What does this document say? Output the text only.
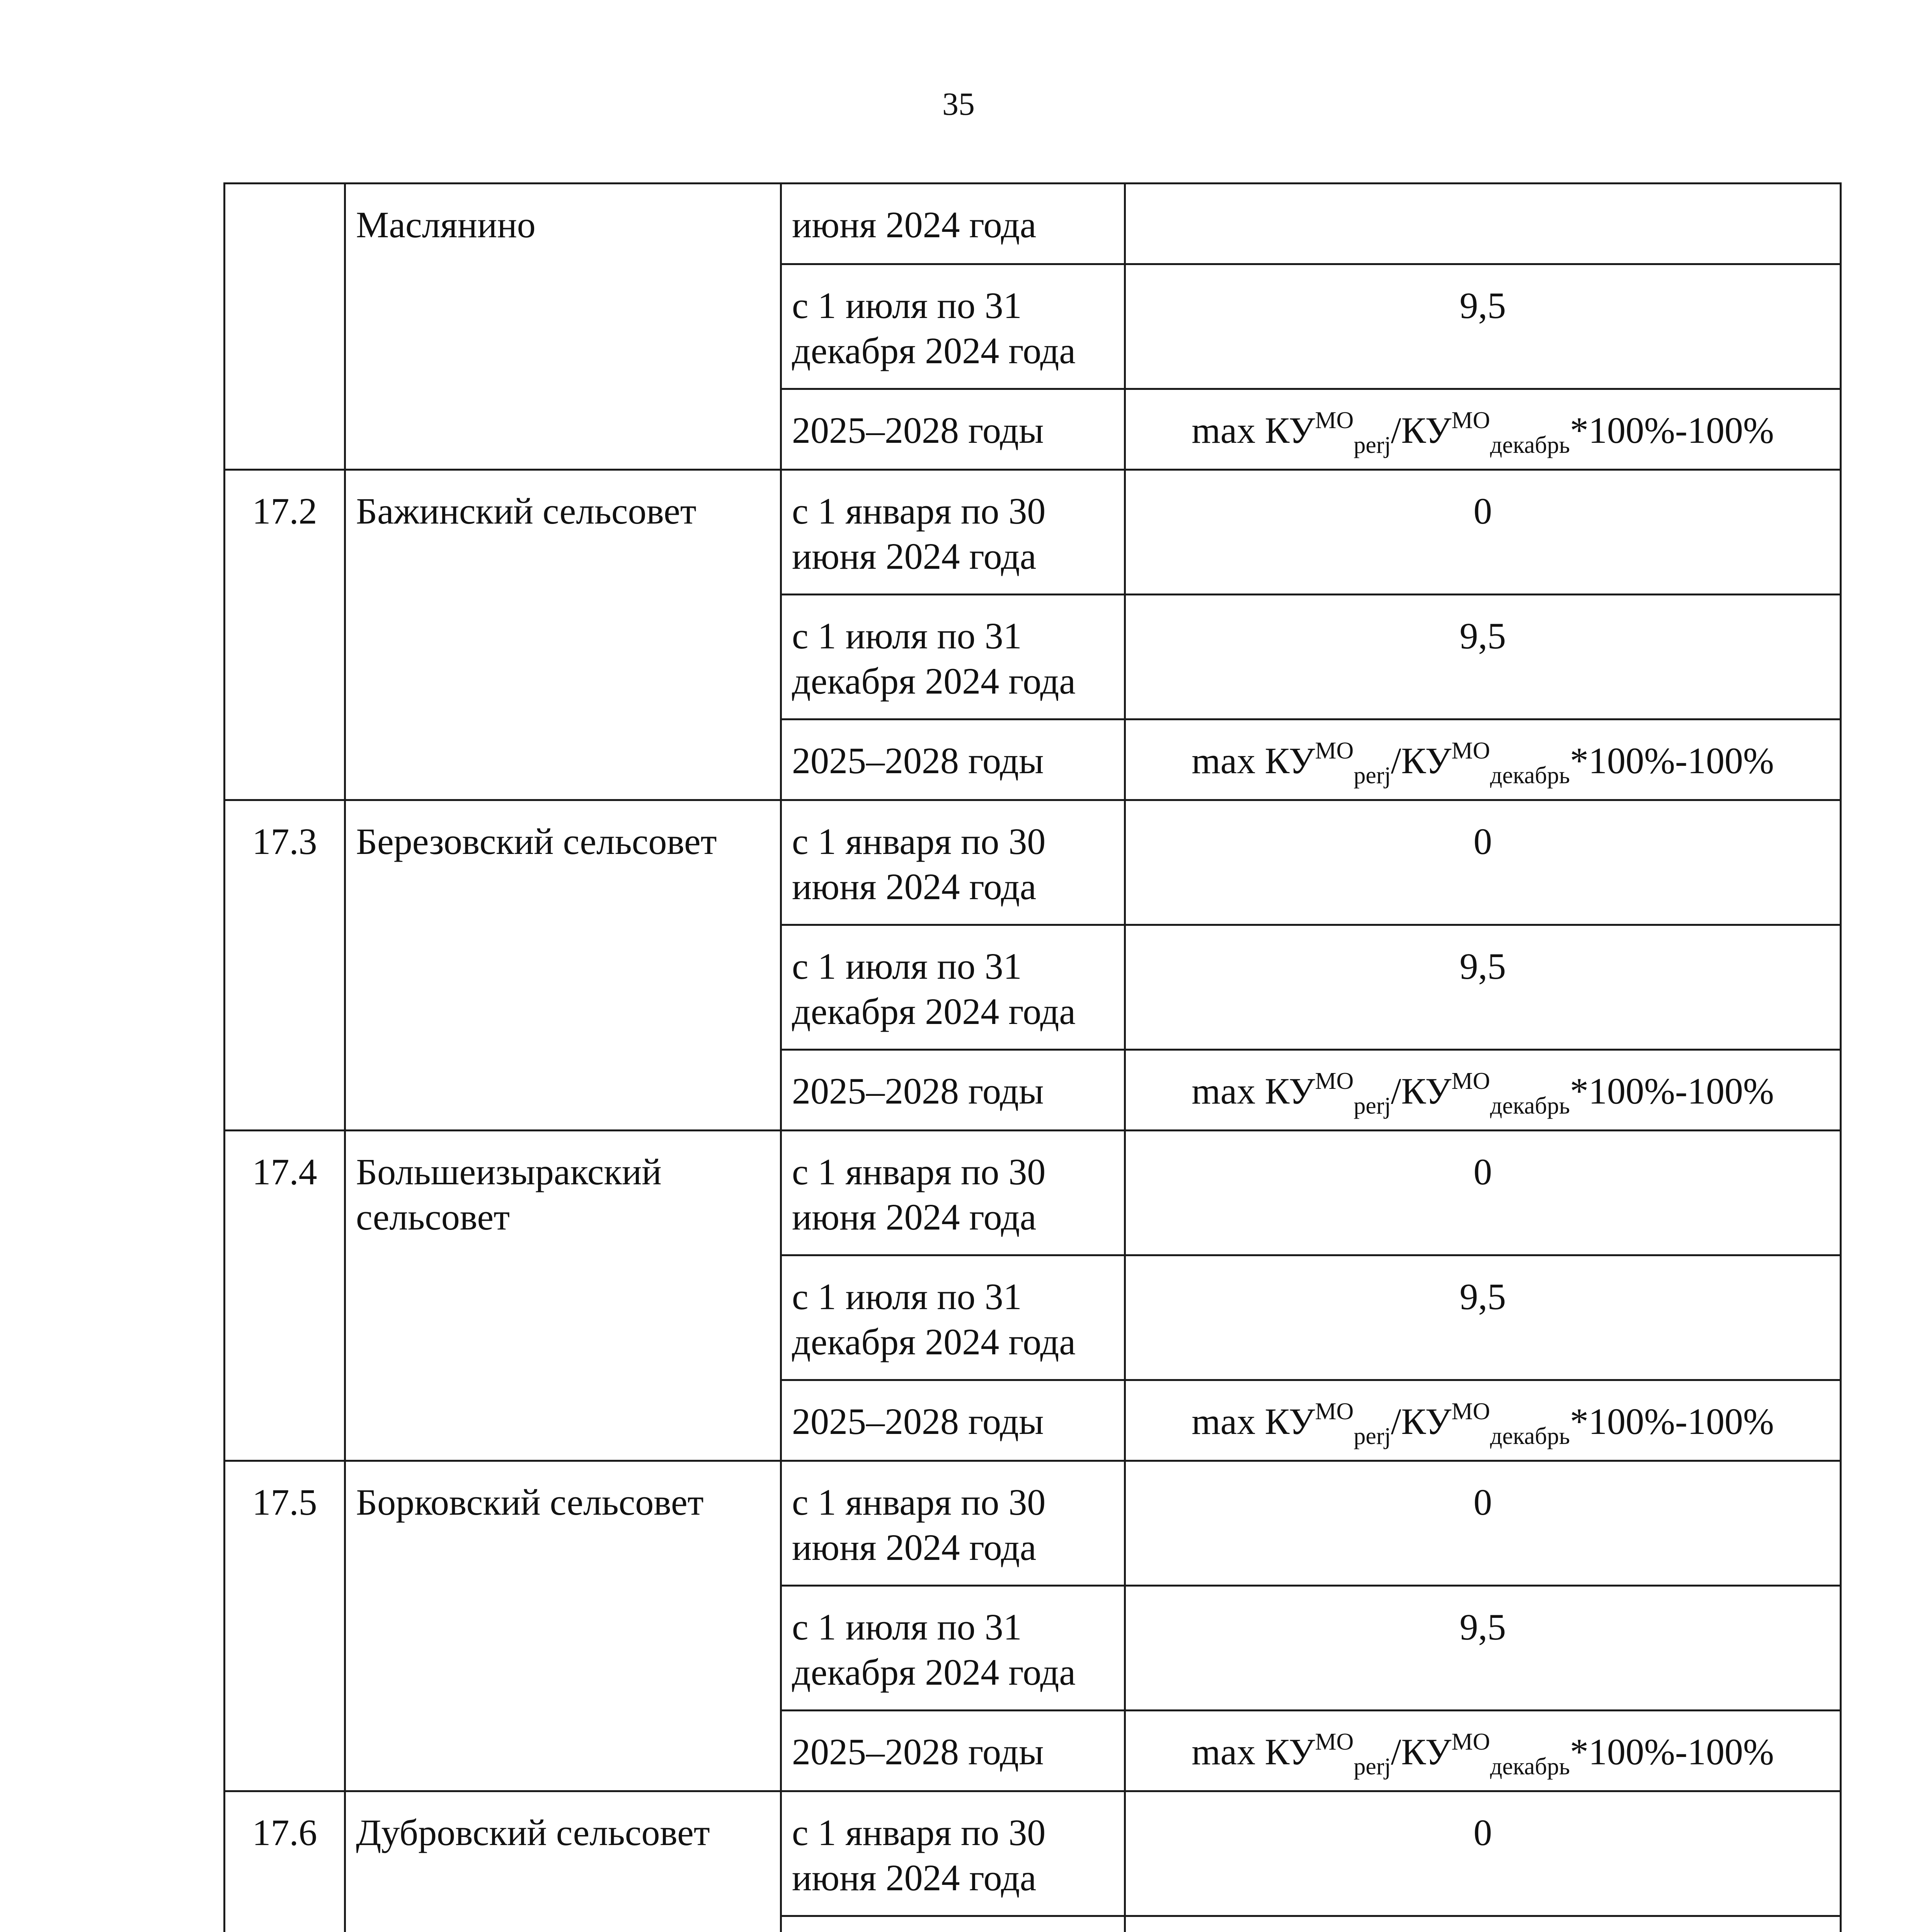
35
	Маслянино	июня 2024 года	
		с 1 июля по 31 декабря 2024 года	9,5
		2025–2028 годы	$\max КУ^{МО}_{perj}/КУ^{МО}_{декабрь}*100\%-100\%$
17.2	Бажинский сельсовет	с 1 января по 30 июня 2024 года	0
		с 1 июля по 31 декабря 2024 года	9,5
		2025–2028 годы	$\max КУ^{МО}_{perj}/КУ^{МО}_{декабрь}*100\%-100\%$
17.3	Березовский сельсовет	с 1 января по 30 июня 2024 года	0
		с 1 июля по 31 декабря 2024 года	9,5
		2025–2028 годы	$\max КУ^{МО}_{perj}/КУ^{МО}_{декабрь}*100\%-100\%$
17.4	Большеизыракский сельсовет	с 1 января по 30 июня 2024 года	0
		с 1 июля по 31 декабря 2024 года	9,5
		2025–2028 годы	$\max КУ^{МО}_{perj}/КУ^{МО}_{декабрь}*100\%-100\%$
17.5	Борковский сельсовет	с 1 января по 30 июня 2024 года	0
		с 1 июля по 31 декабря 2024 года	9,5
		2025–2028 годы	$\max КУ^{МО}_{perj}/КУ^{МО}_{декабрь}*100\%-100\%$
17.6	Дубровский сельсовет	с 1 января по 30 июня 2024 года	0
